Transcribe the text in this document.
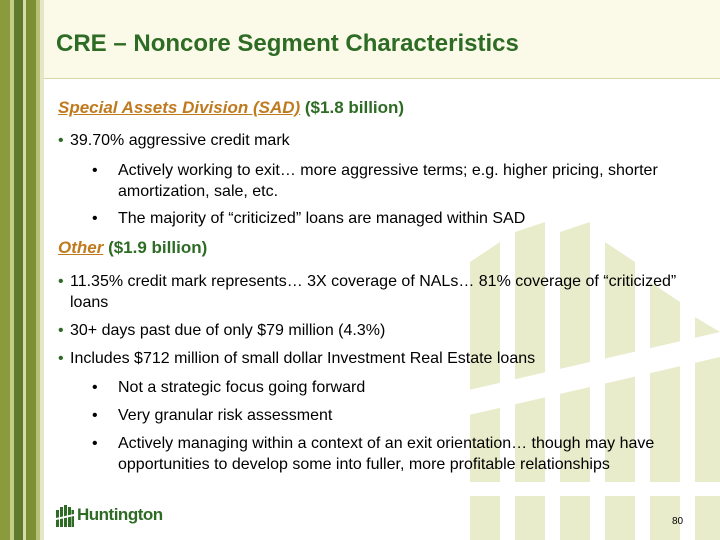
CRE – Noncore Segment Characteristics
Special Assets Division (SAD) ($1.8 billion)
• 39.70% aggressive credit mark
•	Actively working to exit… more aggressive terms; e.g. higher pricing, shorter amortization, sale, etc.
•	The majority of “criticized” loans are managed within SAD
Other ($1.9 billion)
• 11.35% credit mark represents… 3X coverage of NALs… 81% coverage of “criticized” loans
• 30+ days past due of only $79 million (4.3%)
• Includes $712 million of small dollar Investment Real Estate loans
•	Not a strategic focus going forward
•	Very granular risk assessment
•	Actively managing within a context of an exit orientation… though may have opportunities to develop some into fuller, more profitable relationships
Huntington	80
